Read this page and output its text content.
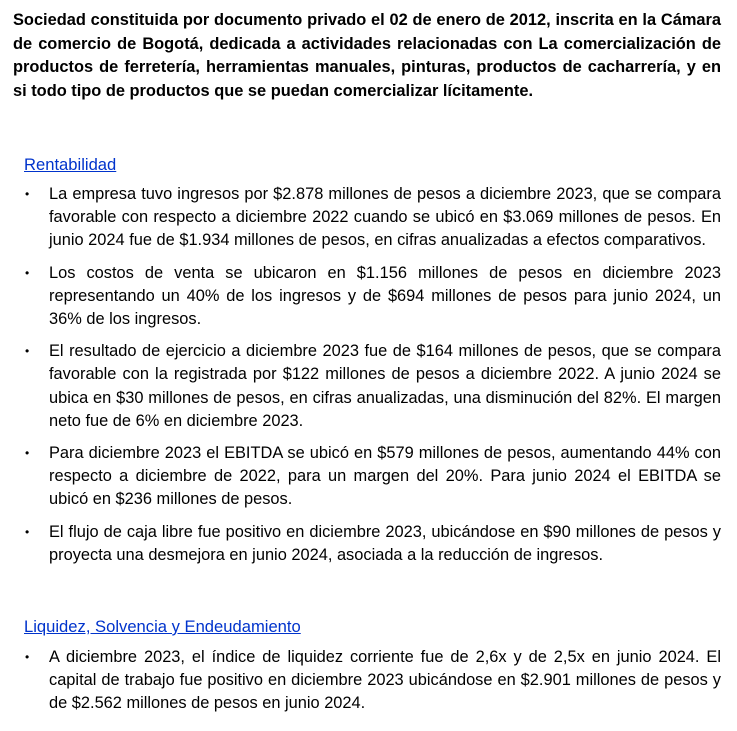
Sociedad constituida por documento privado el 02 de enero de 2012, inscrita en la Cámara de comercio de Bogotá, dedicada a actividades relacionadas con La comercialización de productos de ferretería, herramientas manuales, pinturas, productos de cacharrería, y en si todo tipo de productos que se puedan comercializar lícitamente.
Rentabilidad
• La empresa tuvo ingresos por $2.878 millones de pesos a diciembre 2023, que se compara favorable con respecto a diciembre 2022 cuando se ubicó en $3.069 millones de pesos. En junio 2024 fue de $1.934 millones de pesos, en cifras anualizadas a efectos comparativos.
• Los costos de venta se ubicaron en $1.156 millones de pesos en diciembre 2023 representando un 40% de los ingresos y de $694 millones de pesos para junio 2024, un 36% de los ingresos.
• El resultado de ejercicio a diciembre 2023 fue de $164 millones de pesos, que se compara favorable con la registrada por $122 millones de pesos a diciembre 2022. A junio 2024 se ubica en $30 millones de pesos, en cifras anualizadas, una disminución del 82%. El margen neto fue de 6% en diciembre 2023.
• Para diciembre 2023 el EBITDA se ubicó en $579 millones de pesos, aumentando 44% con respecto a diciembre de 2022, para un margen del 20%. Para junio 2024 el EBITDA se ubicó en $236 millones de pesos.
• El flujo de caja libre fue positivo en diciembre 2023, ubicándose en $90 millones de pesos y proyecta una desmejora en junio 2024, asociada a la reducción de ingresos.
Liquidez, Solvencia y Endeudamiento
• A diciembre 2023, el índice de liquidez corriente fue de 2,6x y de 2,5x en junio 2024. El capital de trabajo fue positivo en diciembre 2023 ubicándose en $2.901 millones de pesos y de $2.562 millones de pesos en junio 2024.
